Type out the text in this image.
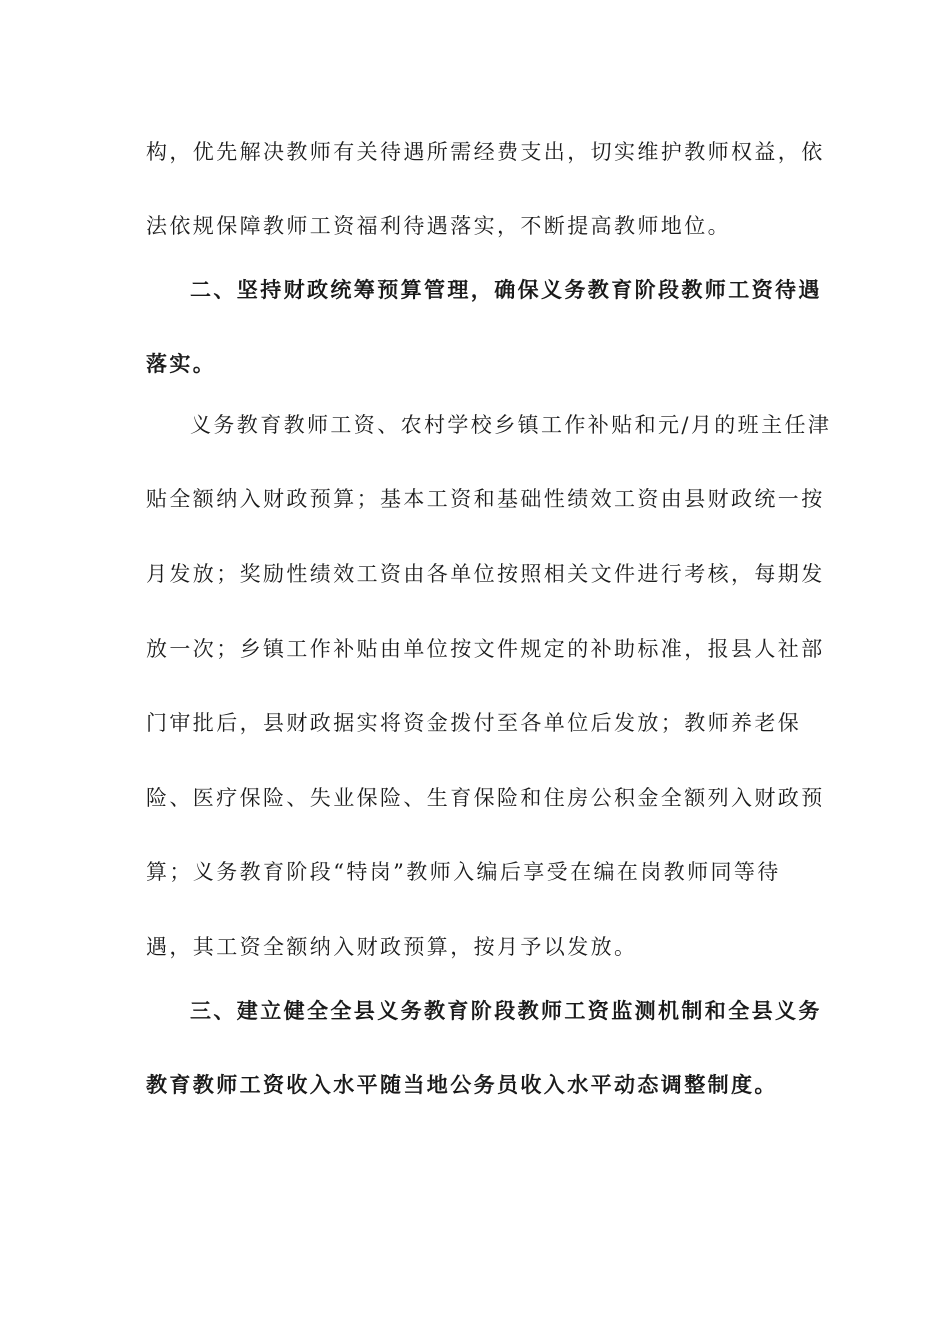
构，优先解决教师有关待遇所需经费支出，切实维护教师权益，依
法依规保障教师工资福利待遇落实，不断提高教师地位。
二、坚持财政统筹预算管理，确保义务教育阶段教师工资待遇
落实。
义务教育教师工资、农村学校乡镇工作补贴和元/月的班主任津
贴全额纳入财政预算；基本工资和基础性绩效工资由县财政统一按
月发放；奖励性绩效工资由各单位按照相关文件进行考核，每期发
放一次；乡镇工作补贴由单位按文件规定的补助标准，报县人社部
门审批后，县财政据实将资金拨付至各单位后发放；教师养老保
险、医疗保险、失业保险、生育保险和住房公积金全额列入财政预
算；义务教育阶段“特岗”教师入编后享受在编在岗教师同等待
遇，其工资全额纳入财政预算，按月予以发放。
三、建立健全全县义务教育阶段教师工资监测机制和全县义务
教育教师工资收入水平随当地公务员收入水平动态调整制度。
